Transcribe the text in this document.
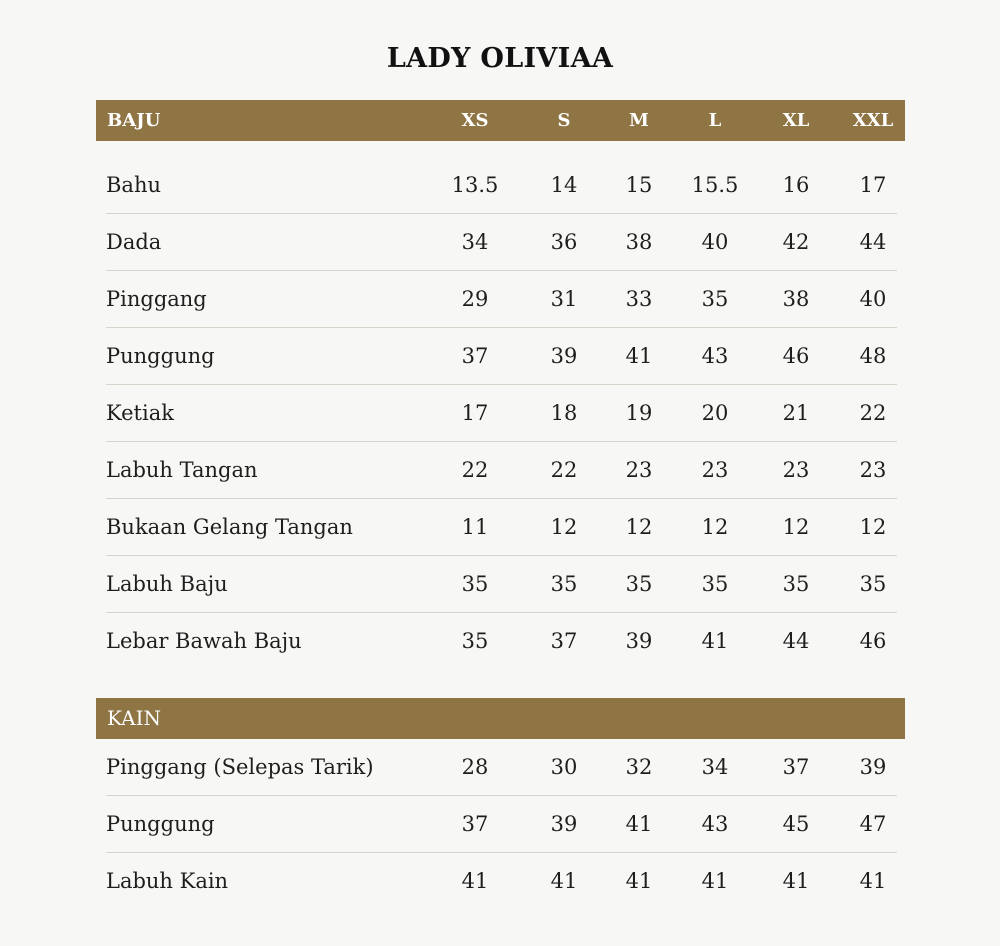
LADY OLIVIAA
BAJU	XS	S	M	L	XL	XXL
Bahu	13.5	14	15	15.5	16	17
Dada	34	36	38	40	42	44
Pinggang	29	31	33	35	38	40
Punggung	37	39	41	43	46	48
Ketiak	17	18	19	20	21	22
Labuh Tangan	22	22	23	23	23	23
Bukaan Gelang Tangan	11	12	12	12	12	12
Labuh Baju	35	35	35	35	35	35
Lebar Bawah Baju	35	37	39	41	44	46
KAIN
Pinggang (Selepas Tarik)	28	30	32	34	37	39
Punggung	37	39	41	43	45	47
Labuh Kain	41	41	41	41	41	41
